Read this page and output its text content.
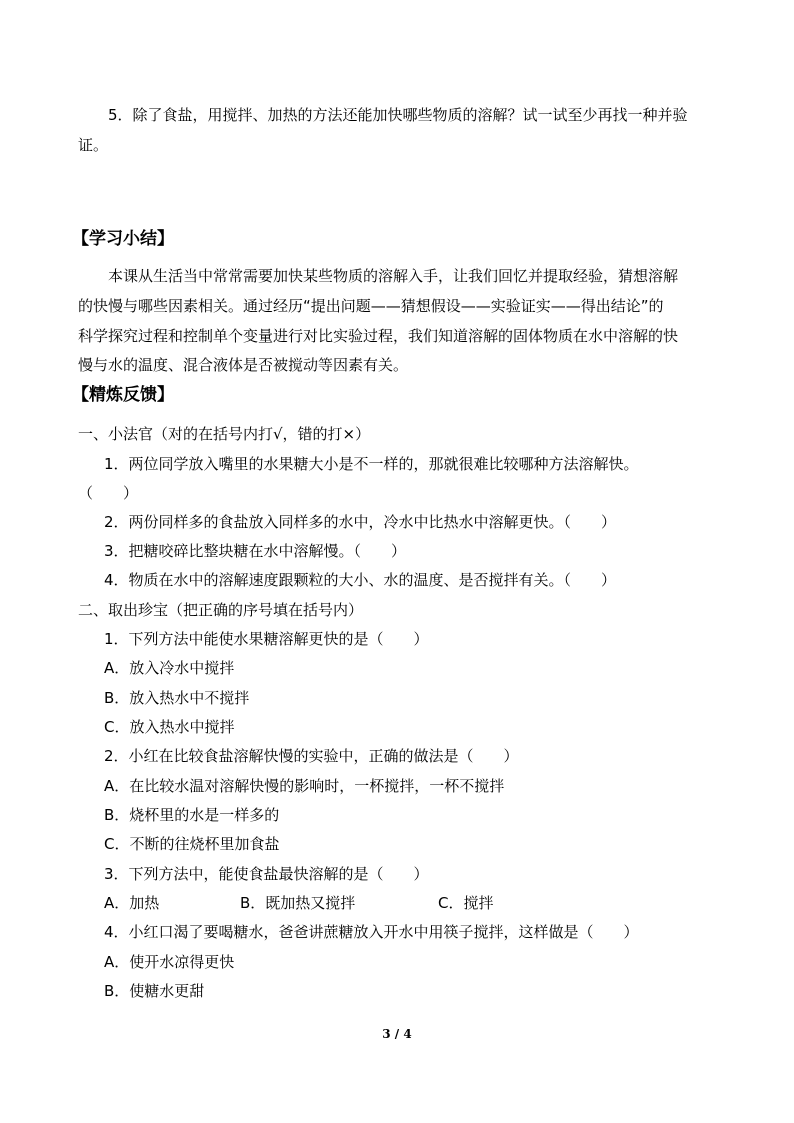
5．除了食盐，用搅拌、加热的方法还能加快哪些物质的溶解？试一试至少再找一种并验
证。
【学习小结】
本课从生活当中常常需要加快某些物质的溶解入手，让我们回忆并提取经验，猜想溶解
的快慢与哪些因素相关。通过经历“提出问题——猜想假设——实验证实——得出结论”的
科学探究过程和控制单个变量进行对比实验过程，我们知道溶解的固体物质在水中溶解的快
慢与水的温度、混合液体是否被搅动等因素有关。
【精炼反馈】
一、小法官（对的在括号内打√，错的打×）
1．两位同学放入嘴里的水果糖大小是不一样的，那就很难比较哪种方法溶解快。
（　　）
2．两份同样多的食盐放入同样多的水中，冷水中比热水中溶解更快。（　　）
3．把糖咬碎比整块糖在水中溶解慢。（　　）
4．物质在水中的溶解速度跟颗粒的大小、水的温度、是否搅拌有关。（　　）
二、取出珍宝（把正确的序号填在括号内）
1．下列方法中能使水果糖溶解更快的是（　　）
A．放入冷水中搅拌
B．放入热水中不搅拌
C．放入热水中搅拌
2．小红在比较食盐溶解快慢的实验中，正确的做法是（　　）
A．在比较水温对溶解快慢的影响时，一杯搅拌，一杯不搅拌
B．烧杯里的水是一样多的
C．不断的往烧杯里加食盐
3．下列方法中，能使食盐最快溶解的是（　　）
A．加热	B．既加热又搅拌	C．搅拌
4．小红口渴了要喝糖水，爸爸讲蔗糖放入开水中用筷子搅拌，这样做是（　　）
A．使开水凉得更快
B．使糖水更甜
3 / 4
